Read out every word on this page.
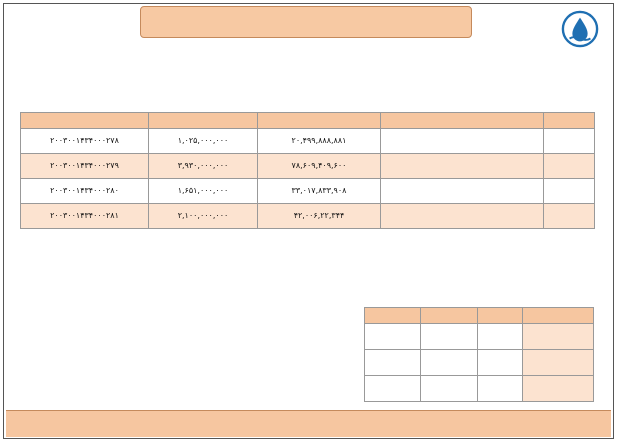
		۲۰,۴۹۹,۸۸۸,۸۸۱	۱,۰۲۵,۰۰۰,۰۰۰	۲۰۰۳۰۰۱۴۳۴۰۰۰۲۷۸
		۷۸,۶۰۹,۴۰۹,۶۰۰	۳,۹۳۰,۰۰۰,۰۰۰	۲۰۰۳۰۰۱۴۳۴۰۰۰۲۷۹
		۳۳,۰۱۷,۸۳۳,۹۰۸	۱,۶۵۱,۰۰۰,۰۰۰	۲۰۰۳۰۰۱۴۳۴۰۰۰۲۸۰
		۴۲,۰۰۶,۲۲,۳۴۴	۲,۱۰۰,۰۰۰,۰۰۰	۲۰۰۳۰۰۱۴۳۴۰۰۰۲۸۱
